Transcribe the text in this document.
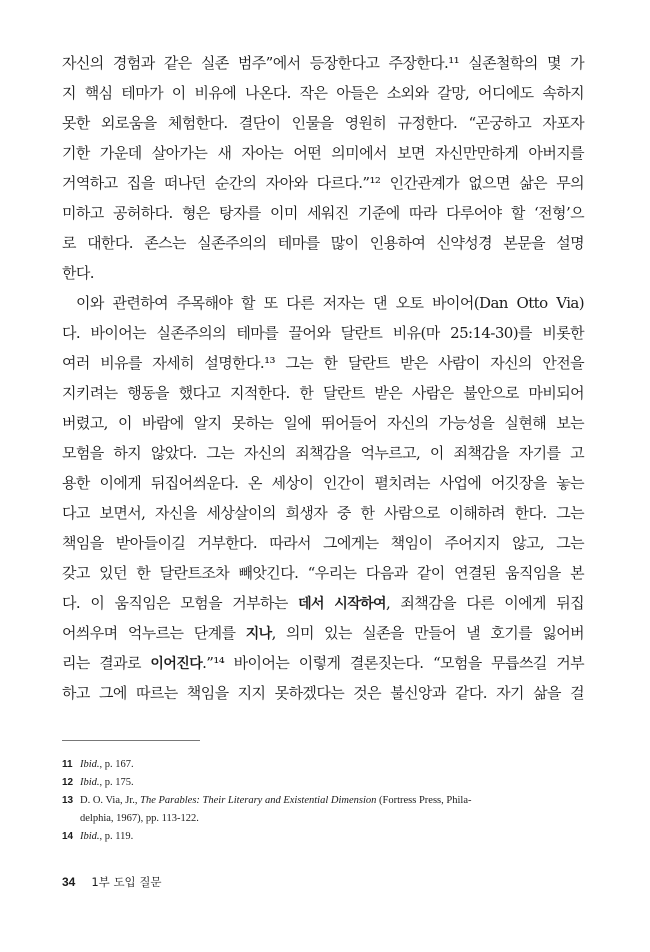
자신의 경험과 같은 실존 범주”에서 등장한다고 주장한다.¹¹ 실존철학의 몇 가
지 핵심 테마가 이 비유에 나온다. 작은 아들은 소외와 갈망, 어디에도 속하지
못한 외로움을 체험한다. 결단이 인물을 영원히 규정한다. “곤궁하고 자포자
기한 가운데 살아가는 새 자아는 어떤 의미에서 보면 자신만만하게 아버지를
거역하고 집을 떠나던 순간의 자아와 다르다.”¹² 인간관계가 없으면 삶은 무의
미하고 공허하다. 형은 탕자를 이미 세워진 기준에 따라 다루어야 할 ‘전형’으
로 대한다. 존스는 실존주의의 테마를 많이 인용하여 신약성경 본문을 설명
한다.
이와 관련하여 주목해야 할 또 다른 저자는 댄 오토 바이어(Dan Otto Via)
다. 바이어는 실존주의의 테마를 끌어와 달란트 비유(마 25:14-30)를 비롯한
여러 비유를 자세히 설명한다.¹³ 그는 한 달란트 받은 사람이 자신의 안전을
지키려는 행동을 했다고 지적한다. 한 달란트 받은 사람은 불안으로 마비되어
버렸고, 이 바람에 알지 못하는 일에 뛰어들어 자신의 가능성을 실현해 보는
모험을 하지 않았다. 그는 자신의 죄책감을 억누르고, 이 죄책감을 자기를 고
용한 이에게 뒤집어씌운다. 온 세상이 인간이 펼치려는 사업에 어깃장을 놓는
다고 보면서, 자신을 세상살이의 희생자 중 한 사람으로 이해하려 한다. 그는
책임을 받아들이길 거부한다. 따라서 그에게는 책임이 주어지지 않고, 그는
갖고 있던 한 달란트조차 빼앗긴다. “우리는 다음과 같이 연결된 움직임을 본
다. 이 움직임은 모험을 거부하는 데서 시작하여, 죄책감을 다른 이에게 뒤집
어씌우며 억누르는 단계를 지나, 의미 있는 실존을 만들어 낼 호기를 잃어버
리는 결과로 이어진다.”¹⁴ 바이어는 이렇게 결론짓는다. “모험을 무릅쓰길 거부
하고 그에 따르는 책임을 지지 못하겠다는 것은 불신앙과 같다. 자기 삶을 걸
11 Ibid., p. 167.
12 Ibid., p. 175.
13 D. O. Via, Jr., The Parables: Their Literary and Existential Dimension (Fortress Press, Phila-
delphia, 1967), pp. 113-122.
14 Ibid., p. 119.
34 1부 도입 질문
